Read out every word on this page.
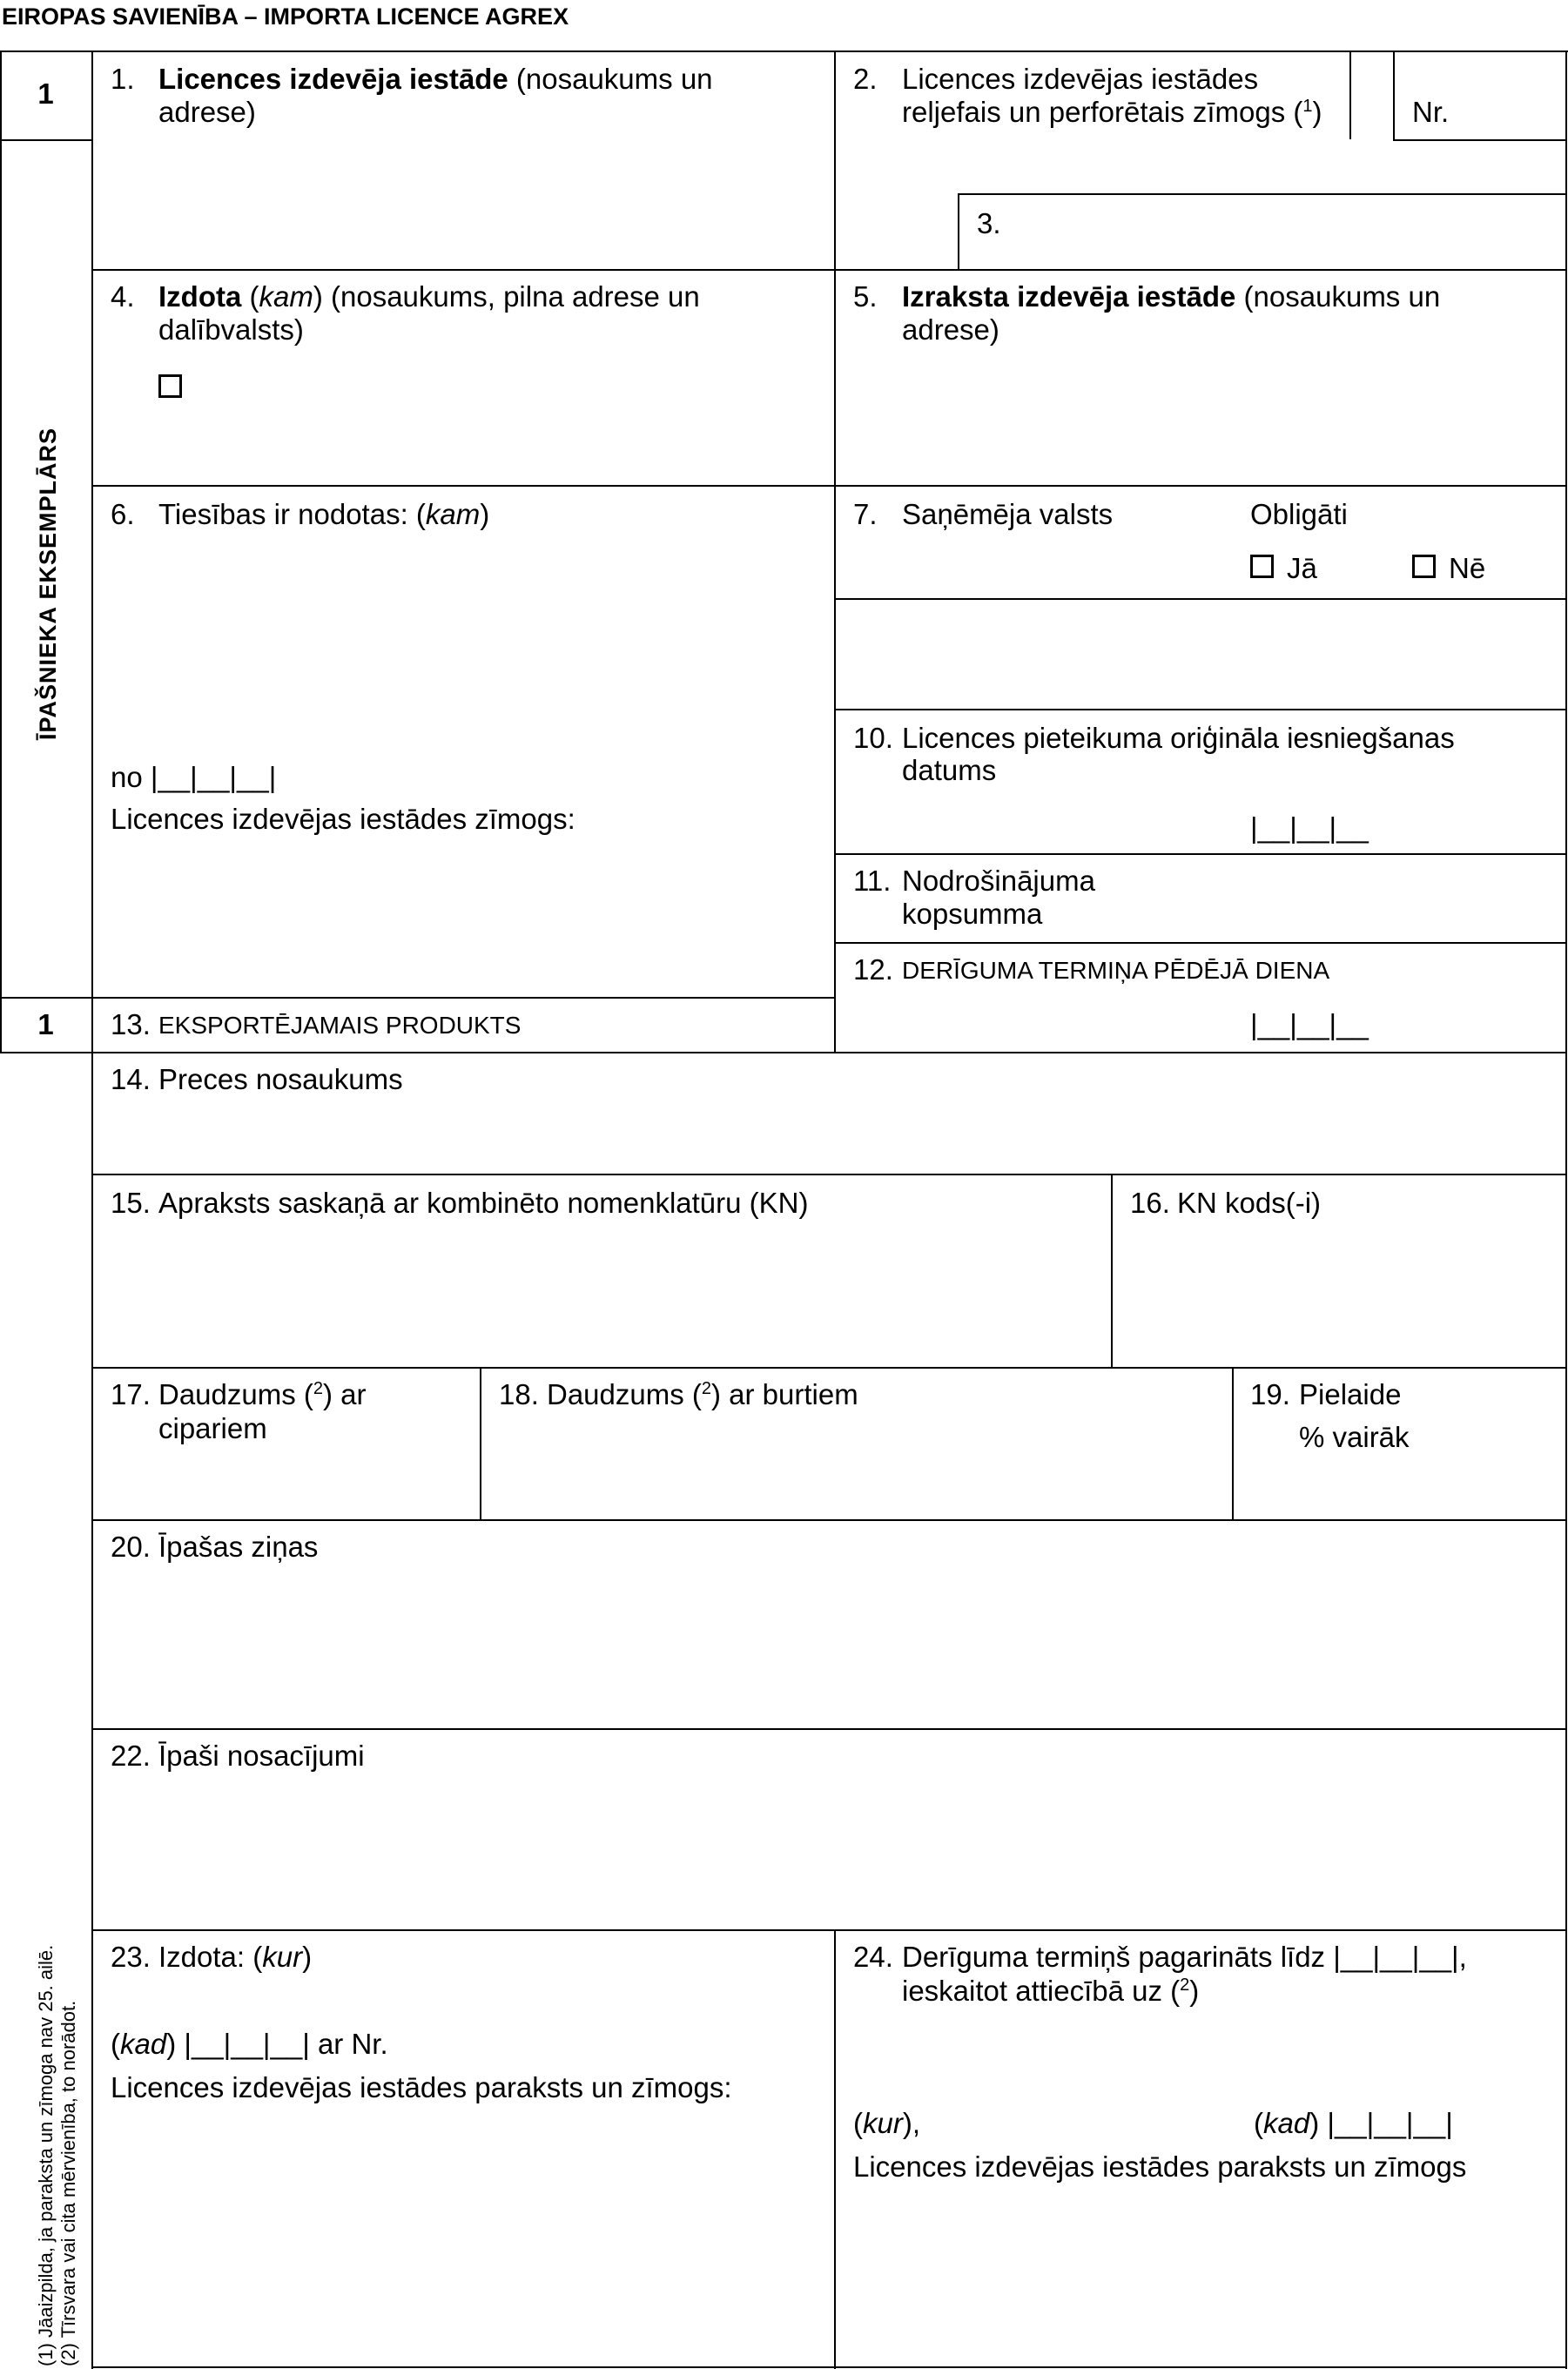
EIROPAS SAVIENĪBA – IMPORTA LICENCE AGREX
1
ĪPAŠNIEKA EKSEMPLĀRS
1
(1) Jāaizpilda, ja paraksta un zīmoga nav 25. ailē. (2) Tīrsvara vai cita mērvienība, to norādot.
1. Licences izdevēja iestāde (nosaukums un
adrese)
2. Licences izdevējas iestādes
reljefais un perforētais zīmogs ($^1$)	Nr.
3.
4. Izdota (kam) (nosaukums, pilna adrese un
dalībvalsts)
5. Izraksta izdevēja iestāde (nosaukums un
adrese)
6. Tiesības ir nodotas: (kam)
no |__|__|__|
Licences izdevējas iestādes zīmogs:
7. Saņēmēja valsts	Obligāti
Jā	Nē
10. Licences pieteikuma oriģināla iesniegšanas
datums
|__|__|__
11. Nodrošinājuma
kopsumma
12. DERĪGUMA TERMIŅA PĒDĒJĀ DIENA
|__|__|__
13. EKSPORTĒJAMAIS PRODUKTS
14. Preces nosaukums
15. Apraksts saskaņā ar kombinēto nomenklatūru (KN)	16. KN kods(-i)
17. Daudzums ($^2$) ar
cipariem
18. Daudzums ($^2$) ar burtiem	19. Pielaide
% vairāk
20. Īpašas ziņas
22. Īpaši nosacījumi
23. Izdota: (kur)
(kad) |__|__|__| ar Nr.
Licences izdevējas iestādes paraksts un zīmogs:
24. Derīguma termiņš pagarināts līdz |__|__|__|,
ieskaitot attiecībā uz ($^2$)
(kur),	(kad) |__|__|__|
Licences izdevējas iestādes paraksts un zīmogs
